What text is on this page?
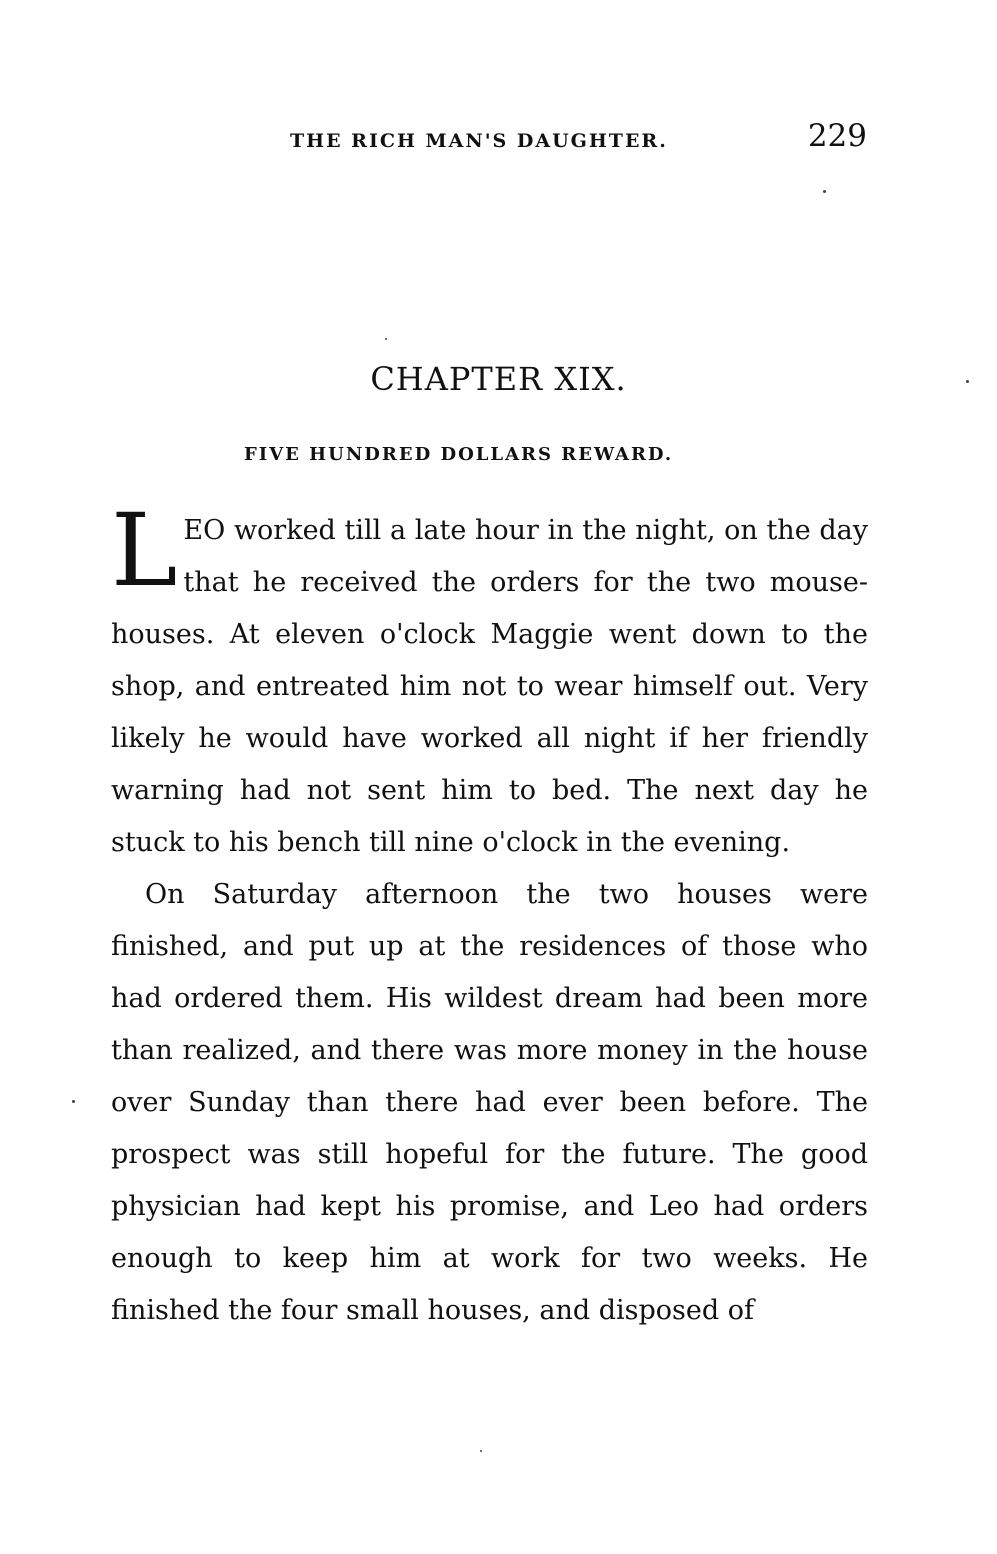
THE RICH MAN'S DAUGHTER.	229
CHAPTER XIX.
FIVE HUNDRED DOLLARS REWARD.

LEO worked till a late hour in the night, on the day that he received the orders for the two mouse-houses. At eleven o'clock Maggie went down to the shop, and entreated him not to wear himself out. Very likely he would have worked all night if her friendly warning had not sent him to bed. The next day he stuck to his bench till nine o'clock in the evening.

On Saturday afternoon the two houses were finished, and put up at the residences of those who had ordered them. His wildest dream had been more than realized, and there was more money in the house over Sunday than there had ever been before. The prospect was still hopeful for the future. The good physician had kept his promise, and Leo had orders enough to keep him at work for two weeks. He finished the four small houses, and disposed of
